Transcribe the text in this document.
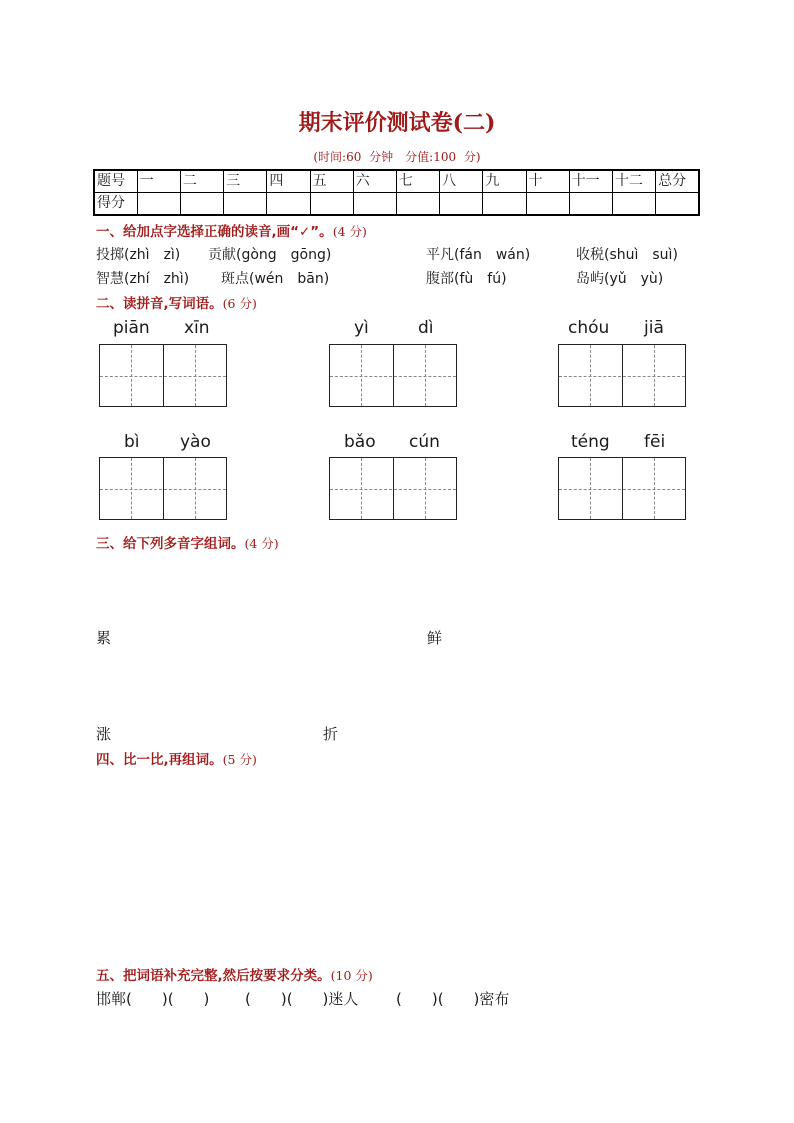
期末评价测试卷(二)
(时间:60 分钟　分值:100 分)
题号	一	二	三	四	五	六	七	八	九	十	十一	十二	总分
得分													
一、给加点字选择正确的读音,画“✓”。(4 分)
投掷(zhì　zì) 贡献(gòng　gōng)	平凡(fán　wán)	收税(shuì　suì)
智慧(zhí　zhì) 斑点(wén　bān)	腹部(fù　fú)	岛屿(yǔ　yù)
二、读拼音,写词语。(6 分)
piān xīn	yì	dì	chóu jiā
bì yào	bǎo cún	téng fēi
三、给下列多音字组词。(4 分)
累	鲜
涨	折
四、比一比,再组词。(5 分)
五、把词语补充完整,然后按要求分类。(10 分)
邯郸(　　)(　　) (　　)(　　)迷人	(　　)(　　)密布
